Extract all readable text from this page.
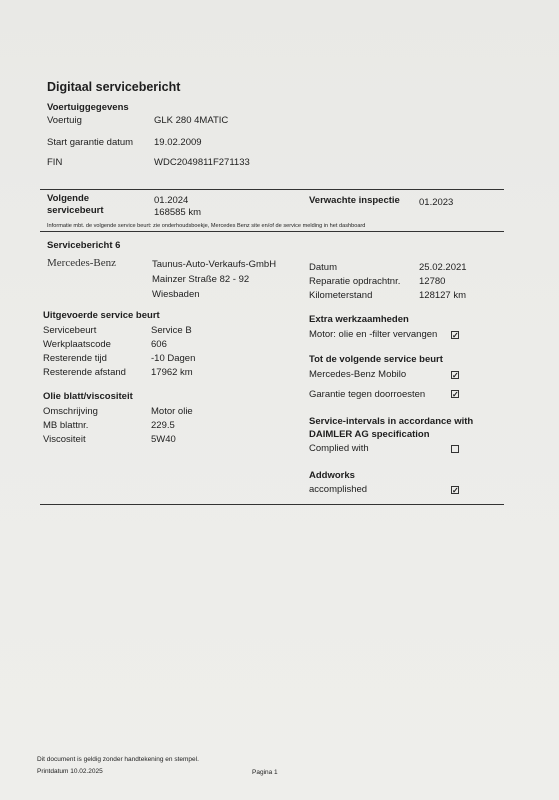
Digitaal servicebericht
Voertuiggegevens
Voertuig	GLK 280 4MATIC
Start garantie datum 19.02.2009
FIN	WDC2049811F271133
Volgende
servicebeurt
01.2024
168585 km
Verwachte inspectie 01.2023
Informatie mbt. de volgende service beurt: zie onderhoudsboekje, Mercedes Benz site en/of de service melding in het dashboard
Servicebericht 6
Mercedes-Benz	Taunus-Auto-Verkaufs-GmbH
Mainzer Straße 82 - 92
Wiesbaden
Datum	25.02.2021
Reparatie opdrachtnr. 12780
Kilometerstand	128127 km
Uitgevoerde service beurt
Servicebeurt	Service B
Werkplaatscode	606
Resterende tijd	-10 Dagen
Resterende afstand	17962 km
Olie blatt/viscositeit
Omschrijving	Motor olie
MB blattnr.	229.5
Viscositeit	5W40
Extra werkzaamheden
Motor: olie en -filter vervangen ✓
Tot de volgende service beurt
Mercedes-Benz Mobilo	✓
Garantie tegen doorroesten	✓
Service-intervals in accordance with
DAIMLER AG specification
Complied with
Addworks
accomplished	✓
Dit document is geldig zonder handtekening en stempel.
Printdatum 10.02.2025	Pagina 1
